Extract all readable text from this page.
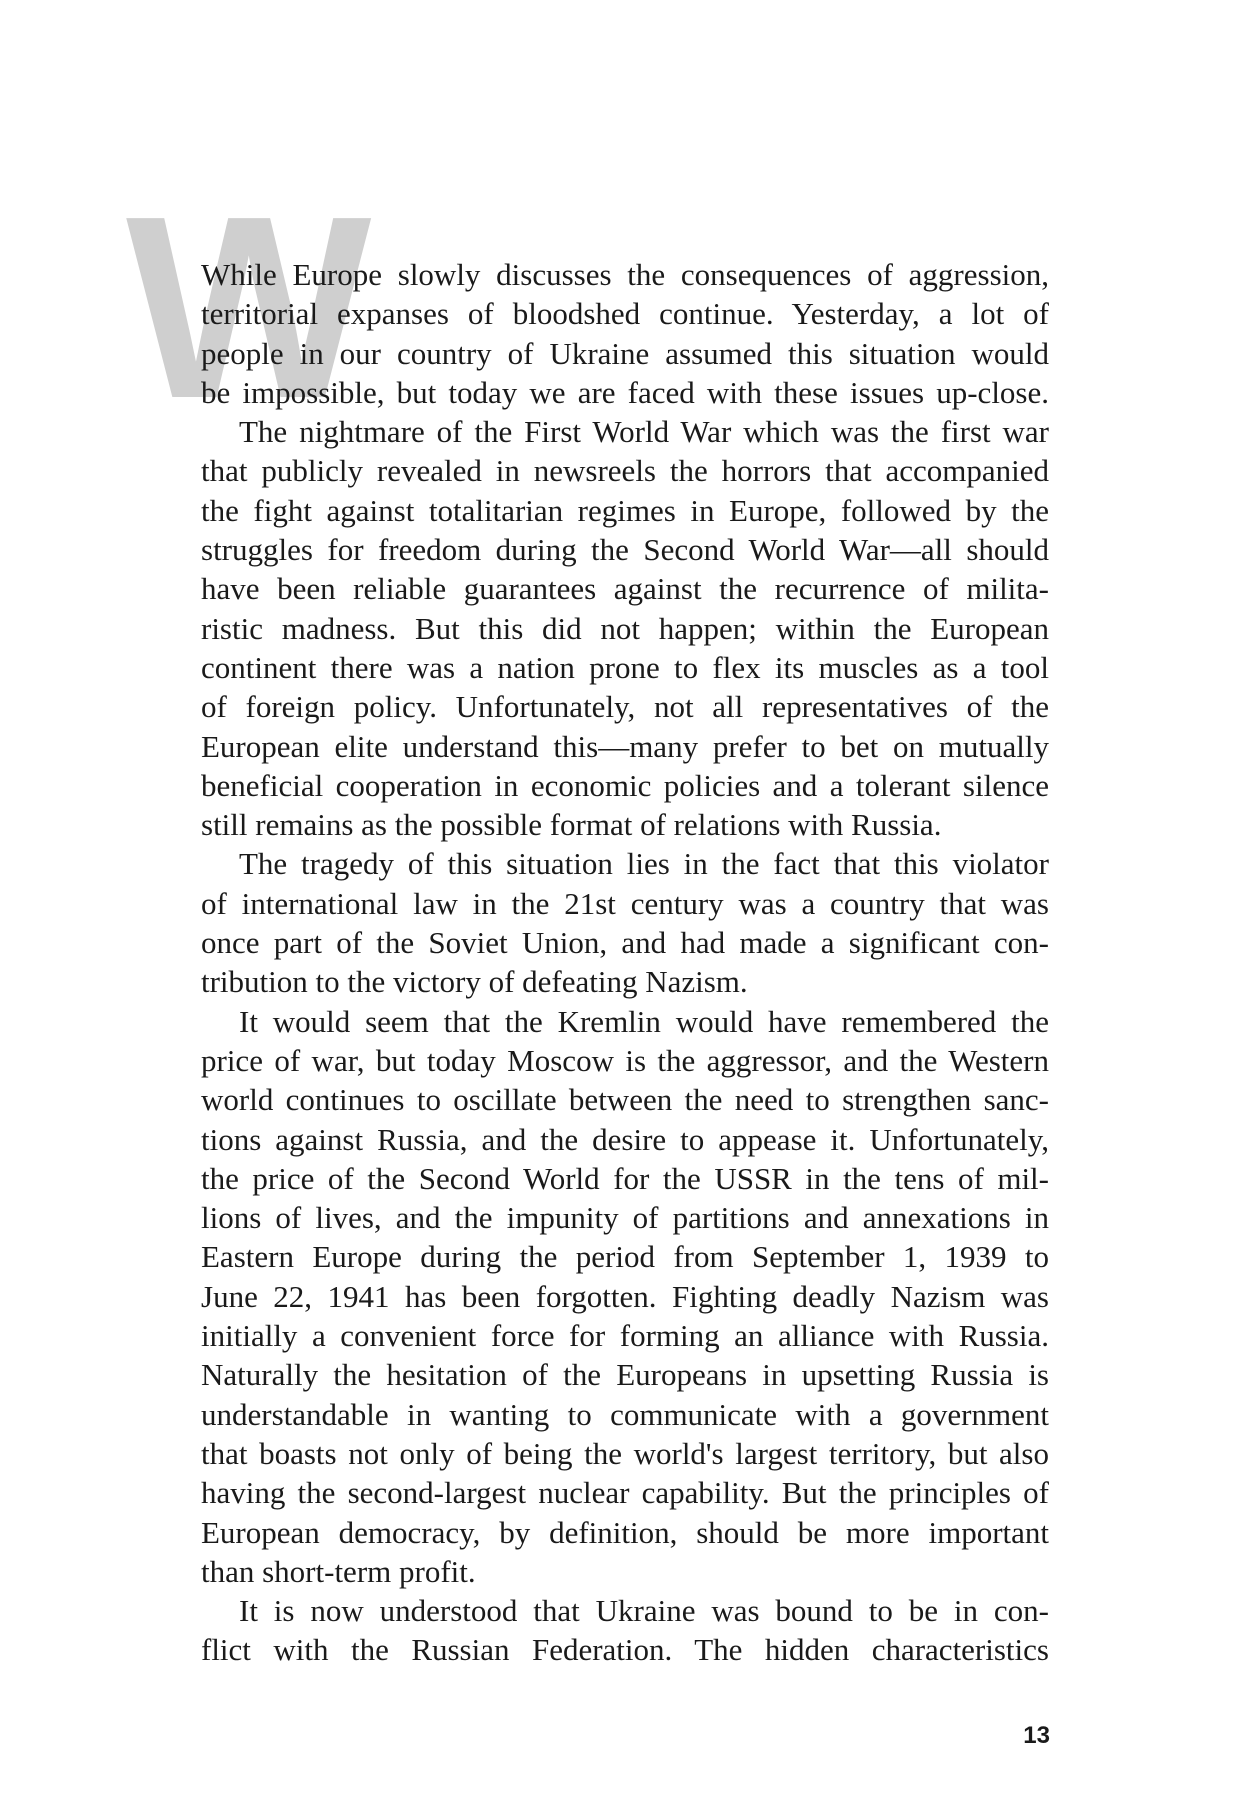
W
While Europe slowly discusses the consequences of aggression,
territorial expanses of bloodshed continue. Yesterday, a lot of
people in our country of Ukraine assumed this situation would
be impossible, but today we are faced with these issues up-close.
The nightmare of the First World War which was the first war
that publicly revealed in newsreels the horrors that accompanied
the fight against totalitarian regimes in Europe, followed by the
struggles for freedom during the Second World War—all should
have been reliable guarantees against the recurrence of milita-
ristic madness. But this did not happen; within the European
continent there was a nation prone to flex its muscles as a tool
of foreign policy. Unfortunately, not all representatives of the
European elite understand this—many prefer to bet on mutually
beneficial cooperation in economic policies and a tolerant silence
still remains as the possible format of relations with Russia.
The tragedy of this situation lies in the fact that this violator
of international law in the 21st century was a country that was
once part of the Soviet Union, and had made a significant con-
tribution to the victory of defeating Nazism.
It would seem that the Kremlin would have remembered the
price of war, but today Moscow is the aggressor, and the Western
world continues to oscillate between the need to strengthen sanc-
tions against Russia, and the desire to appease it. Unfortunately,
the price of the Second World for the USSR in the tens of mil-
lions of lives, and the impunity of partitions and annexations in
Eastern Europe during the period from September 1, 1939 to
June 22, 1941 has been forgotten. Fighting deadly Nazism was
initially a convenient force for forming an alliance with Russia.
Naturally the hesitation of the Europeans in upsetting Russia is
understandable in wanting to communicate with a government
that boasts not only of being the world's largest territory, but also
having the second-largest nuclear capability. But the principles of
European democracy, by definition, should be more important
than short-term profit.
It is now understood that Ukraine was bound to be in con-
flict with the Russian Federation. The hidden characteristics
13
